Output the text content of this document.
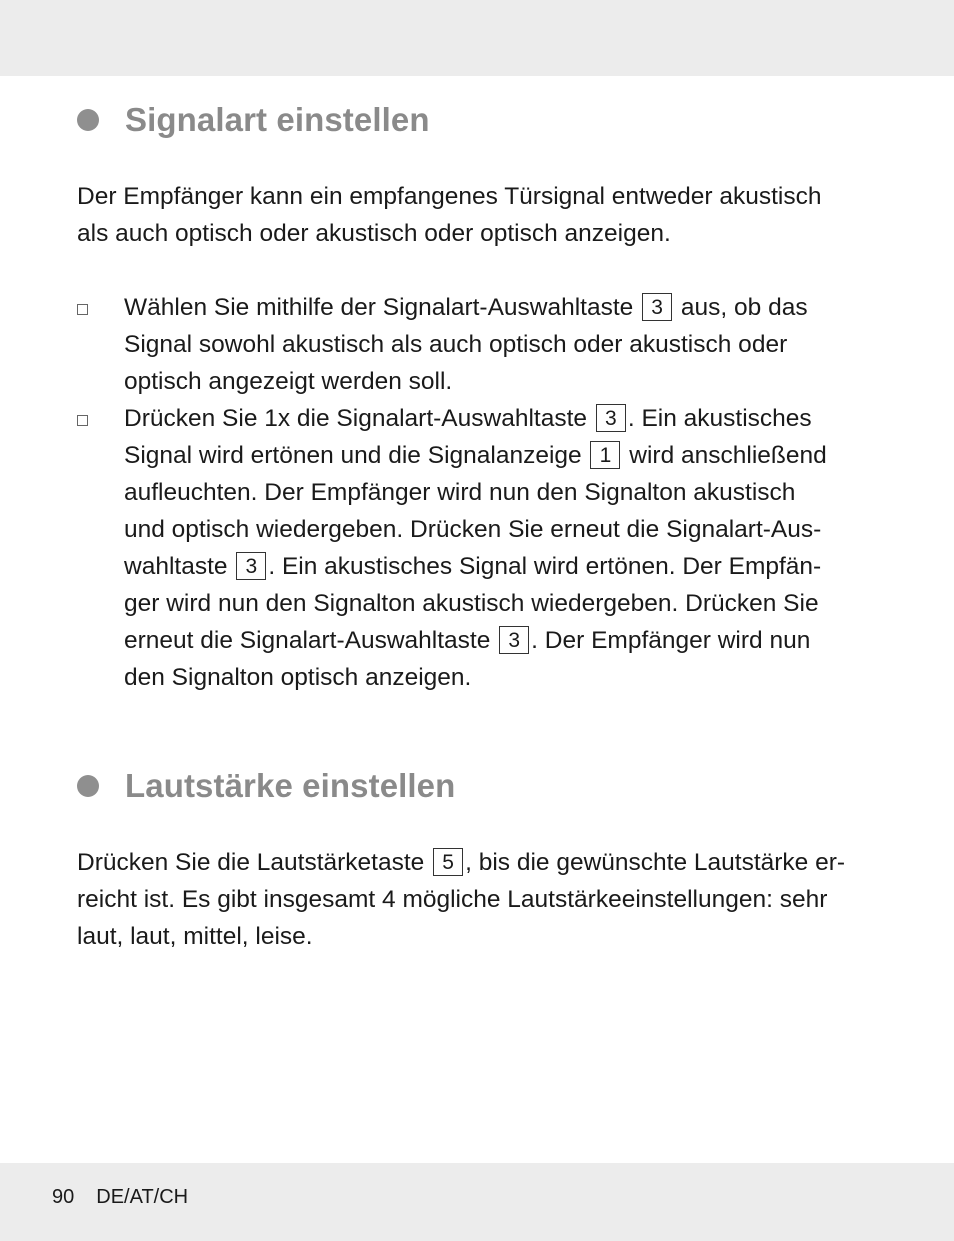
Signalart einstellen
Der Empfänger kann ein empfangenes Türsignal entweder akustisch
als auch optisch oder akustisch oder optisch anzeigen.
Wählen Sie mithilfe der Signalart-Auswahltaste 3 aus, ob das
Signal sowohl akustisch als auch optisch oder akustisch oder
optisch angezeigt werden soll.
Drücken Sie 1x die Signalart-Auswahltaste 3 . Ein akustisches
Signal wird ertönen und die Signalanzeige 1 wird anschließend
aufleuchten. Der Empfänger wird nun den Signalton akustisch
und optisch wiedergeben. Drücken Sie erneut die Signalart-Aus-
wahltaste 3 . Ein akustisches Signal wird ertönen. Der Empfän-
ger wird nun den Signalton akustisch wiedergeben. Drücken Sie
erneut die Signalart-Auswahltaste 3 . Der Empfänger wird nun
den Signalton optisch anzeigen.
Lautstärke einstellen
Drücken Sie die Lautstärketaste 5 , bis die gewünschte Lautstärke er-
reicht ist. Es gibt insgesamt 4 mögliche Lautstärkeeinstellungen: sehr
laut, laut, mittel, leise.
90 DE/AT/CH
